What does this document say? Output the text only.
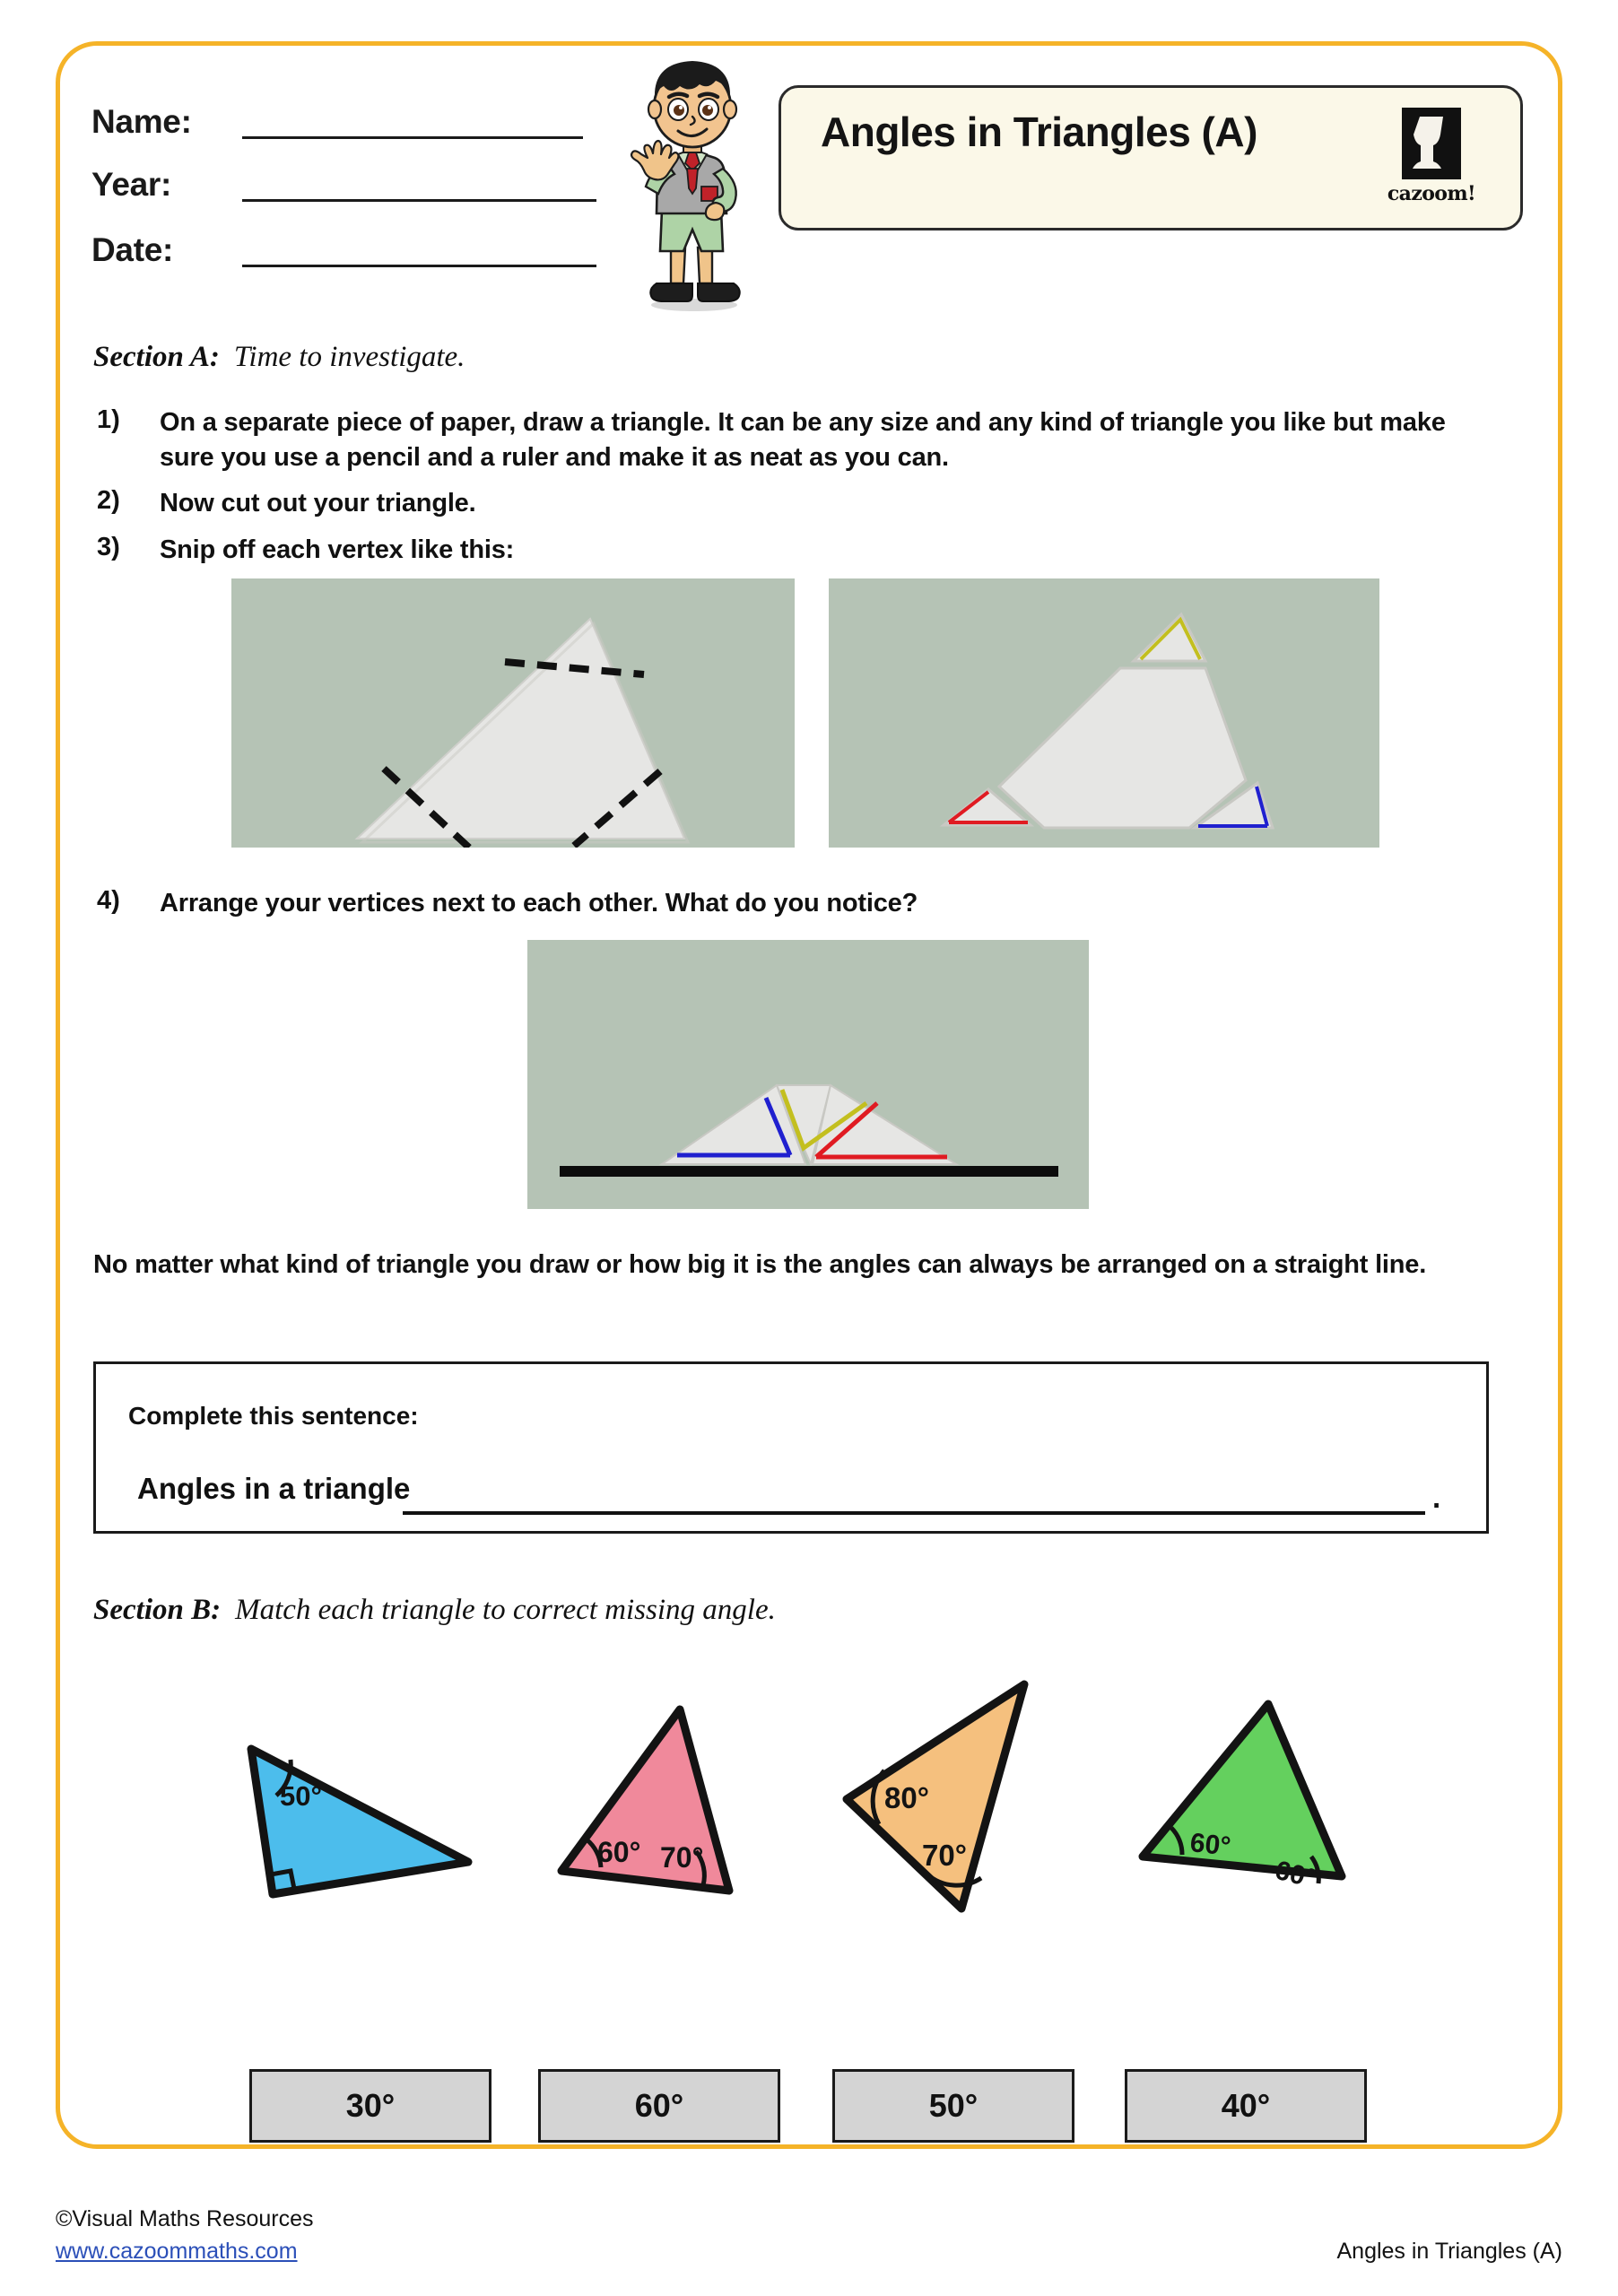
Name:
Year:
Date:
Angles in Triangles (A)
cazoom!
Section A: Time to investigate.
1) On a separate piece of paper, draw a triangle. It can be any size and any kind of triangle you like but make sure you use a pencil and a ruler and make it as neat as you can.
2) Now cut out your triangle.
3) Snip off each vertex like this:
4) Arrange your vertices next to each other. What do you notice?
No matter what kind of triangle you draw or how big it is the angles can always be arranged on a straight line.
Complete this sentence:
Angles in a triangle	.
Section B: Match each triangle to correct missing angle.
50°
60° 70°
80°
70°	60°
60°
30°	60°	50°	40°
©Visual Maths Resources
www.cazoommaths.com	Angles in Triangles (A)
